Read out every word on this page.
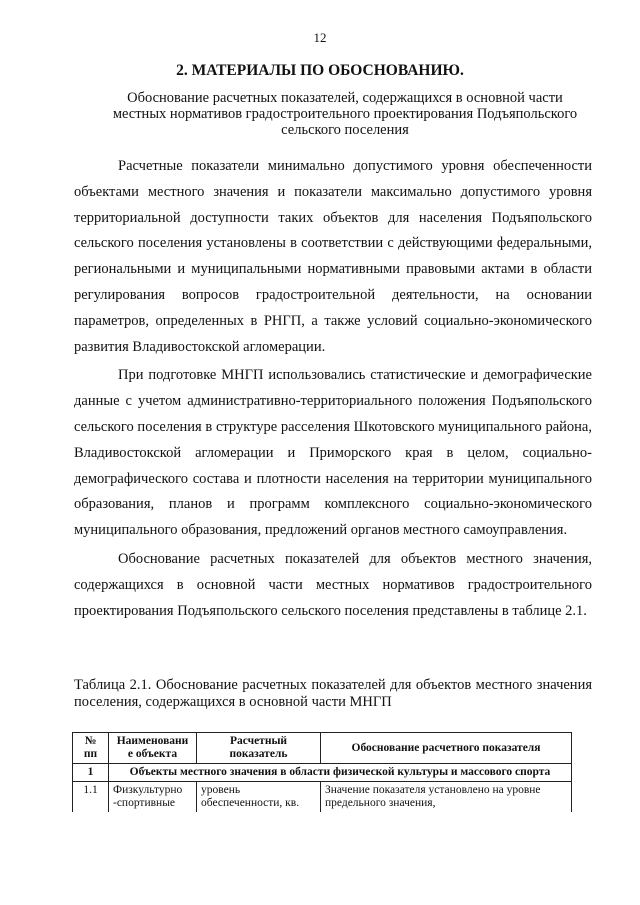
12
2. МАТЕРИАЛЫ ПО ОБОСНОВАНИЮ.
Обоснование расчетных показателей, содержащихся в основной части местных нормативов градостроительного проектирования Подъяпольского сельского поселения

Расчетные показатели минимально допустимого уровня обеспеченности объектами местного значения и показатели максимально допустимого уровня территориальной доступности таких объектов для населения Подъяпольского сельского поселения установлены в соответствии с действующими федеральными, региональными и муниципальными нормативными правовыми актами в области регулирования вопросов градостроительной деятельности, на основании параметров, определенных в РНГП, а также условий социально-экономического развития Владивостокской агломерации.

При подготовке МНГП использовались статистические и демографические данные с учетом административно-территориального положения Подъяпольского сельского поселения в структуре расселения Шкотовского муниципального района, Владивостокской агломерации и Приморского края в целом, социально-демографического состава и плотности населения на территории муниципального образования, планов и программ комплексного социально-экономического муниципального образования, предложений органов местного самоуправления.

Обоснование расчетных показателей для объектов местного значения, содержащихся в основной части местных нормативов градостроительного проектирования Подъяпольского сельского поселения представлены в таблице 2.1.

Таблица 2.1. Обоснование расчетных показателей для объектов местного значения поселения, содержащихся в основной части МНГП

№ пп	Наименовани е объекта	Расчетный показатель	Обоснование расчетного показателя
1	Объекты местного значения в области физической культуры и массового спорта		
1.1	Физкультурно -спортивные	уровень обеспеченности, кв.	Значение показателя установлено на уровне предельного значения,
